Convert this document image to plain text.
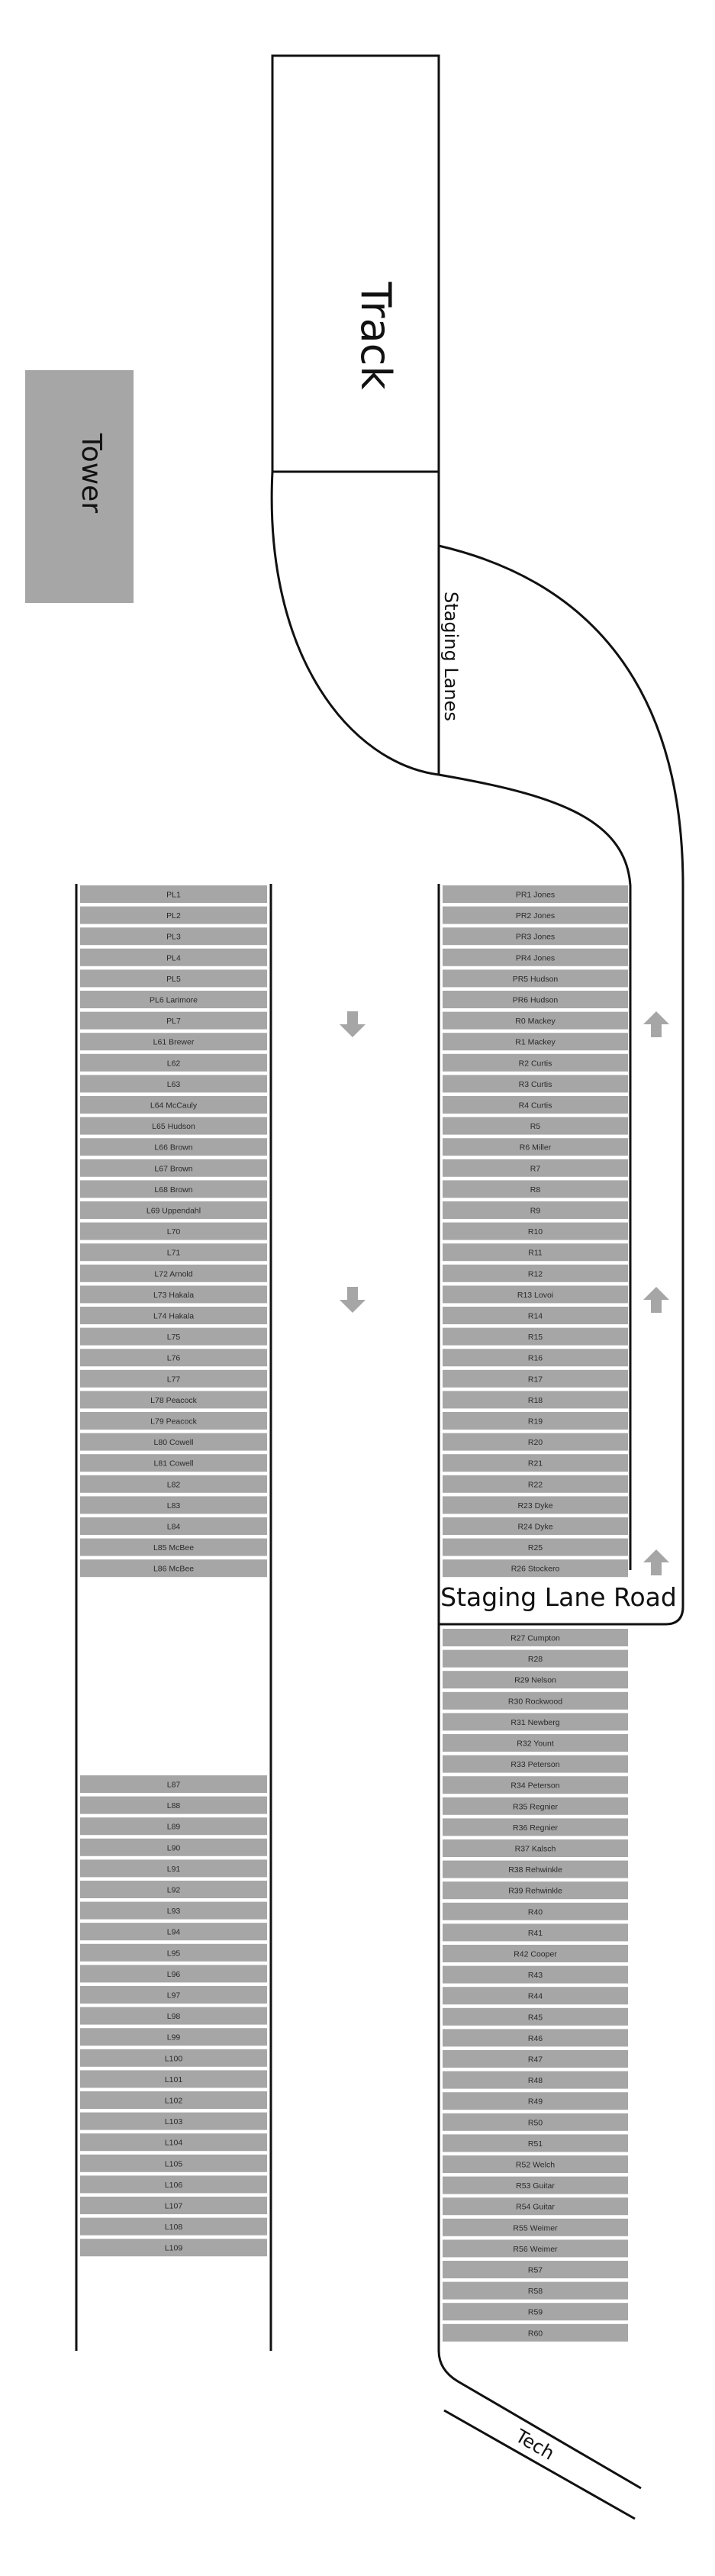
Track
Tower
Staging Lanes
Staging Lane Road
Tech
PL1
PL2
PL3
PL4
PL5
PL6 Larimore
PL7
L61 Brewer
L62
L63
L64 McCauly
L65 Hudson
L66 Brown
L67 Brown
L68 Brown
L69 Uppendahl
L70
L71
L72 Arnold
L73 Hakala
L74 Hakala
L75
L76
L77
L78 Peacock
L79 Peacock
L80 Cowell
L81 Cowell
L82
L83
L84
L85 McBee
L86 McBee
L87
L88
L89
L90
L91
L92
L93
L94
L95
L96
L97
L98
L99
L100
L101
L102
L103
L104
L105
L106
L107
L108
L109
PR1 Jones
PR2 Jones
PR3 Jones
PR4 Jones
PR5 Hudson
PR6 Hudson
R0 Mackey
R1 Mackey
R2 Curtis
R3 Curtis
R4 Curtis
R5
R6 Miller
R7
R8
R9
R10
R11
R12
R13 Lovoi
R14
R15
R16
R17
R18
R19
R20
R21
R22
R23 Dyke
R24 Dyke
R25
R26 Stockero
R27 Cumpton
R28
R29 Nelson
R30 Rockwood
R31 Newberg
R32 Yount
R33 Peterson
R34 Peterson
R35 Regnier
R36 Regnier
R37 Kalsch
R38 Rehwinkle
R39 Rehwinkle
R40
R41
R42 Cooper
R43
R44
R45
R46
R47
R48
R49
R50
R51
R52 Welch
R53 Guitar
R54 Guitar
R55 Weimer
R56 Weimer
R57
R58
R59
R60
